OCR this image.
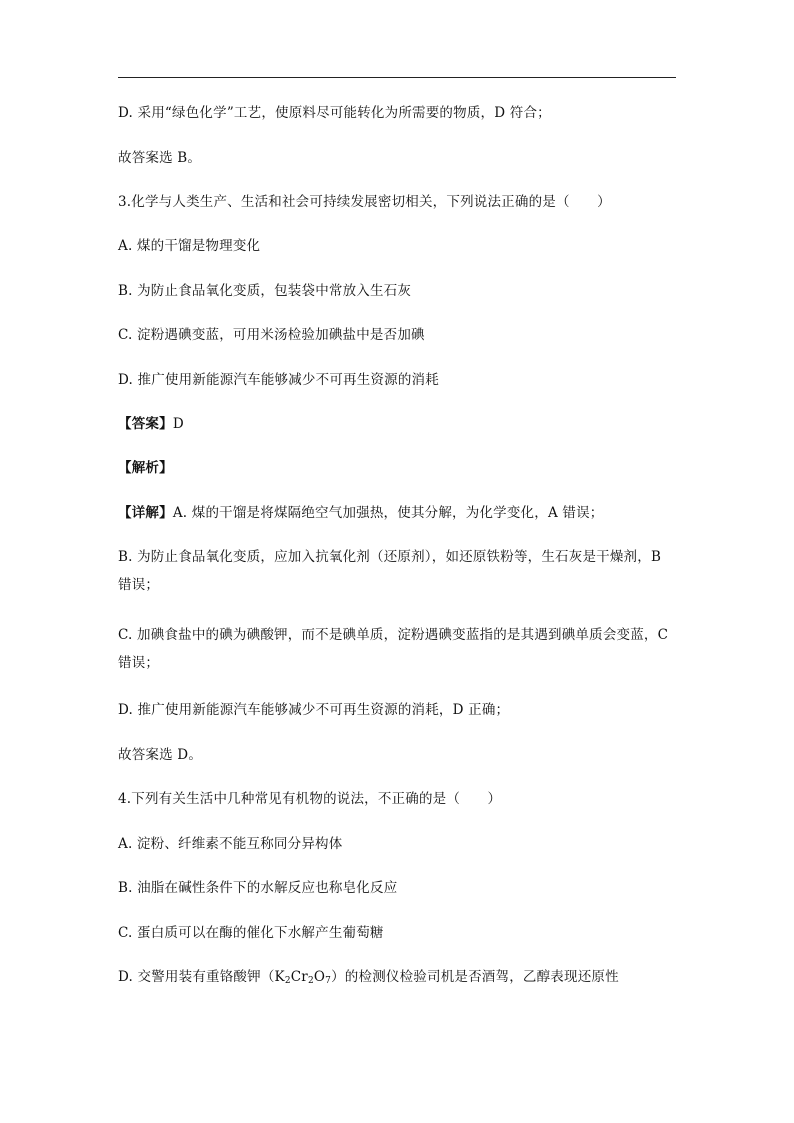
D. 采用“绿色化学”工艺，使原料尽可能转化为所需要的物质，D 符合；
故答案选 B。
3.化学与人类生产、生活和社会可持续发展密切相关，下列说法正确的是（　　）
A. 煤的干馏是物理变化
B. 为防止食品氧化变质，包装袋中常放入生石灰
C. 淀粉遇碘变蓝，可用米汤检验加碘盐中是否加碘
D. 推广使用新能源汽车能够减少不可再生资源的消耗
【答案】D
【解析】
【详解】A. 煤的干馏是将煤隔绝空气加强热，使其分解，为化学变化，A 错误；
B. 为防止食品氧化变质，应加入抗氧化剂（还原剂），如还原铁粉等，生石灰是干燥剂，B
错误；
C. 加碘食盐中的碘为碘酸钾，而不是碘单质，淀粉遇碘变蓝指的是其遇到碘单质会变蓝，C
错误；
D. 推广使用新能源汽车能够减少不可再生资源的消耗，D 正确；
故答案选 D。
4.下列有关生活中几种常见有机物的说法，不正确的是（　　）
A. 淀粉、纤维素不能互称同分异构体
B. 油脂在碱性条件下的水解反应也称皂化反应
C. 蛋白质可以在酶的催化下水解产生葡萄糖
D. 交警用装有重铬酸钾$(K_2Cr_2O_7)$的检测仪检验司机是否酒驾，乙醇表现还原性
